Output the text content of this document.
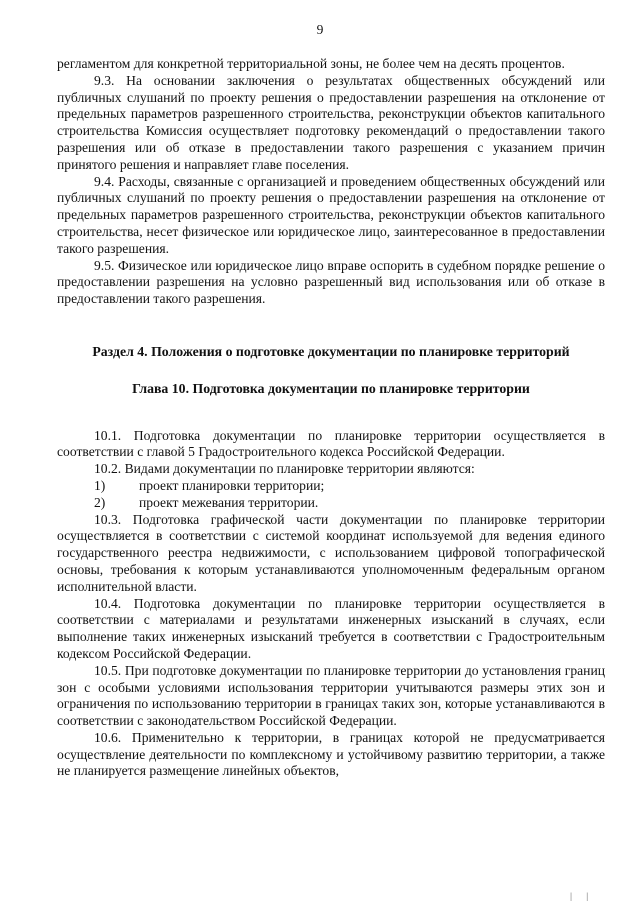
9

регламентом для конкретной территориальной зоны, не более чем на десять процентов.

9.3. На основании заключения о результатах общественных обсуждений или публичных слушаний по проекту решения о предоставлении разрешения на отклонение от предельных параметров разрешенного строительства, реконструкции объектов капитального строительства Комиссия осуществляет подготовку рекомендаций о предоставлении такого разрешения или об отказе в предоставлении такого разрешения с указанием причин принятого решения и направляет главе поселения.

9.4. Расходы, связанные с организацией и проведением общественных обсуждений или публичных слушаний по проекту решения о предоставлении разрешения на отклонение от предельных параметров разрешенного строительства, реконструкции объектов капитального строительства, несет физическое или юридическое лицо, заинтересованное в предоставлении такого разрешения.

9.5. Физическое или юридическое лицо вправе оспорить в судебном порядке решение о предоставлении разрешения на условно разрешенный вид использования или об отказе в предоставлении такого разрешения.

Раздел 4. Положения о подготовке документации по планировке территорий
Глава 10. Подготовка документации по планировке территории

10.1. Подготовка документации по планировке территории осуществляется в соответствии с главой 5 Градостроительного кодекса Российской Федерации.

10.2. Видами документации по планировке территории являются:

1) проект планировки территории;

2) проект межевания территории.

10.3. Подготовка графической части документации по планировке территории осуществляется в соответствии с системой координат используемой для ведения единого государственного реестра недвижимости, с использованием цифровой топографической основы, требования к которым устанавливаются уполномоченным федеральным органом исполнительной власти.

10.4. Подготовка документации по планировке территории осуществляется в соответствии с материалами и результатами инженерных изысканий в случаях, если выполнение таких инженерных изысканий требуется в соответствии с Градостроительным кодексом Российской Федерации.

10.5. При подготовке документации по планировке территории до установления границ зон с особыми условиями использования территории учитываются размеры этих зон и ограничения по использованию территории в границах таких зон, которые устанавливаются в соответствии с законодательством Российской Федерации.

10.6. Применительно к территории, в границах которой не предусматривается осуществление деятельности по комплексному и устойчивому развитию территории, а также не планируется размещение линейных объектов,

| |
